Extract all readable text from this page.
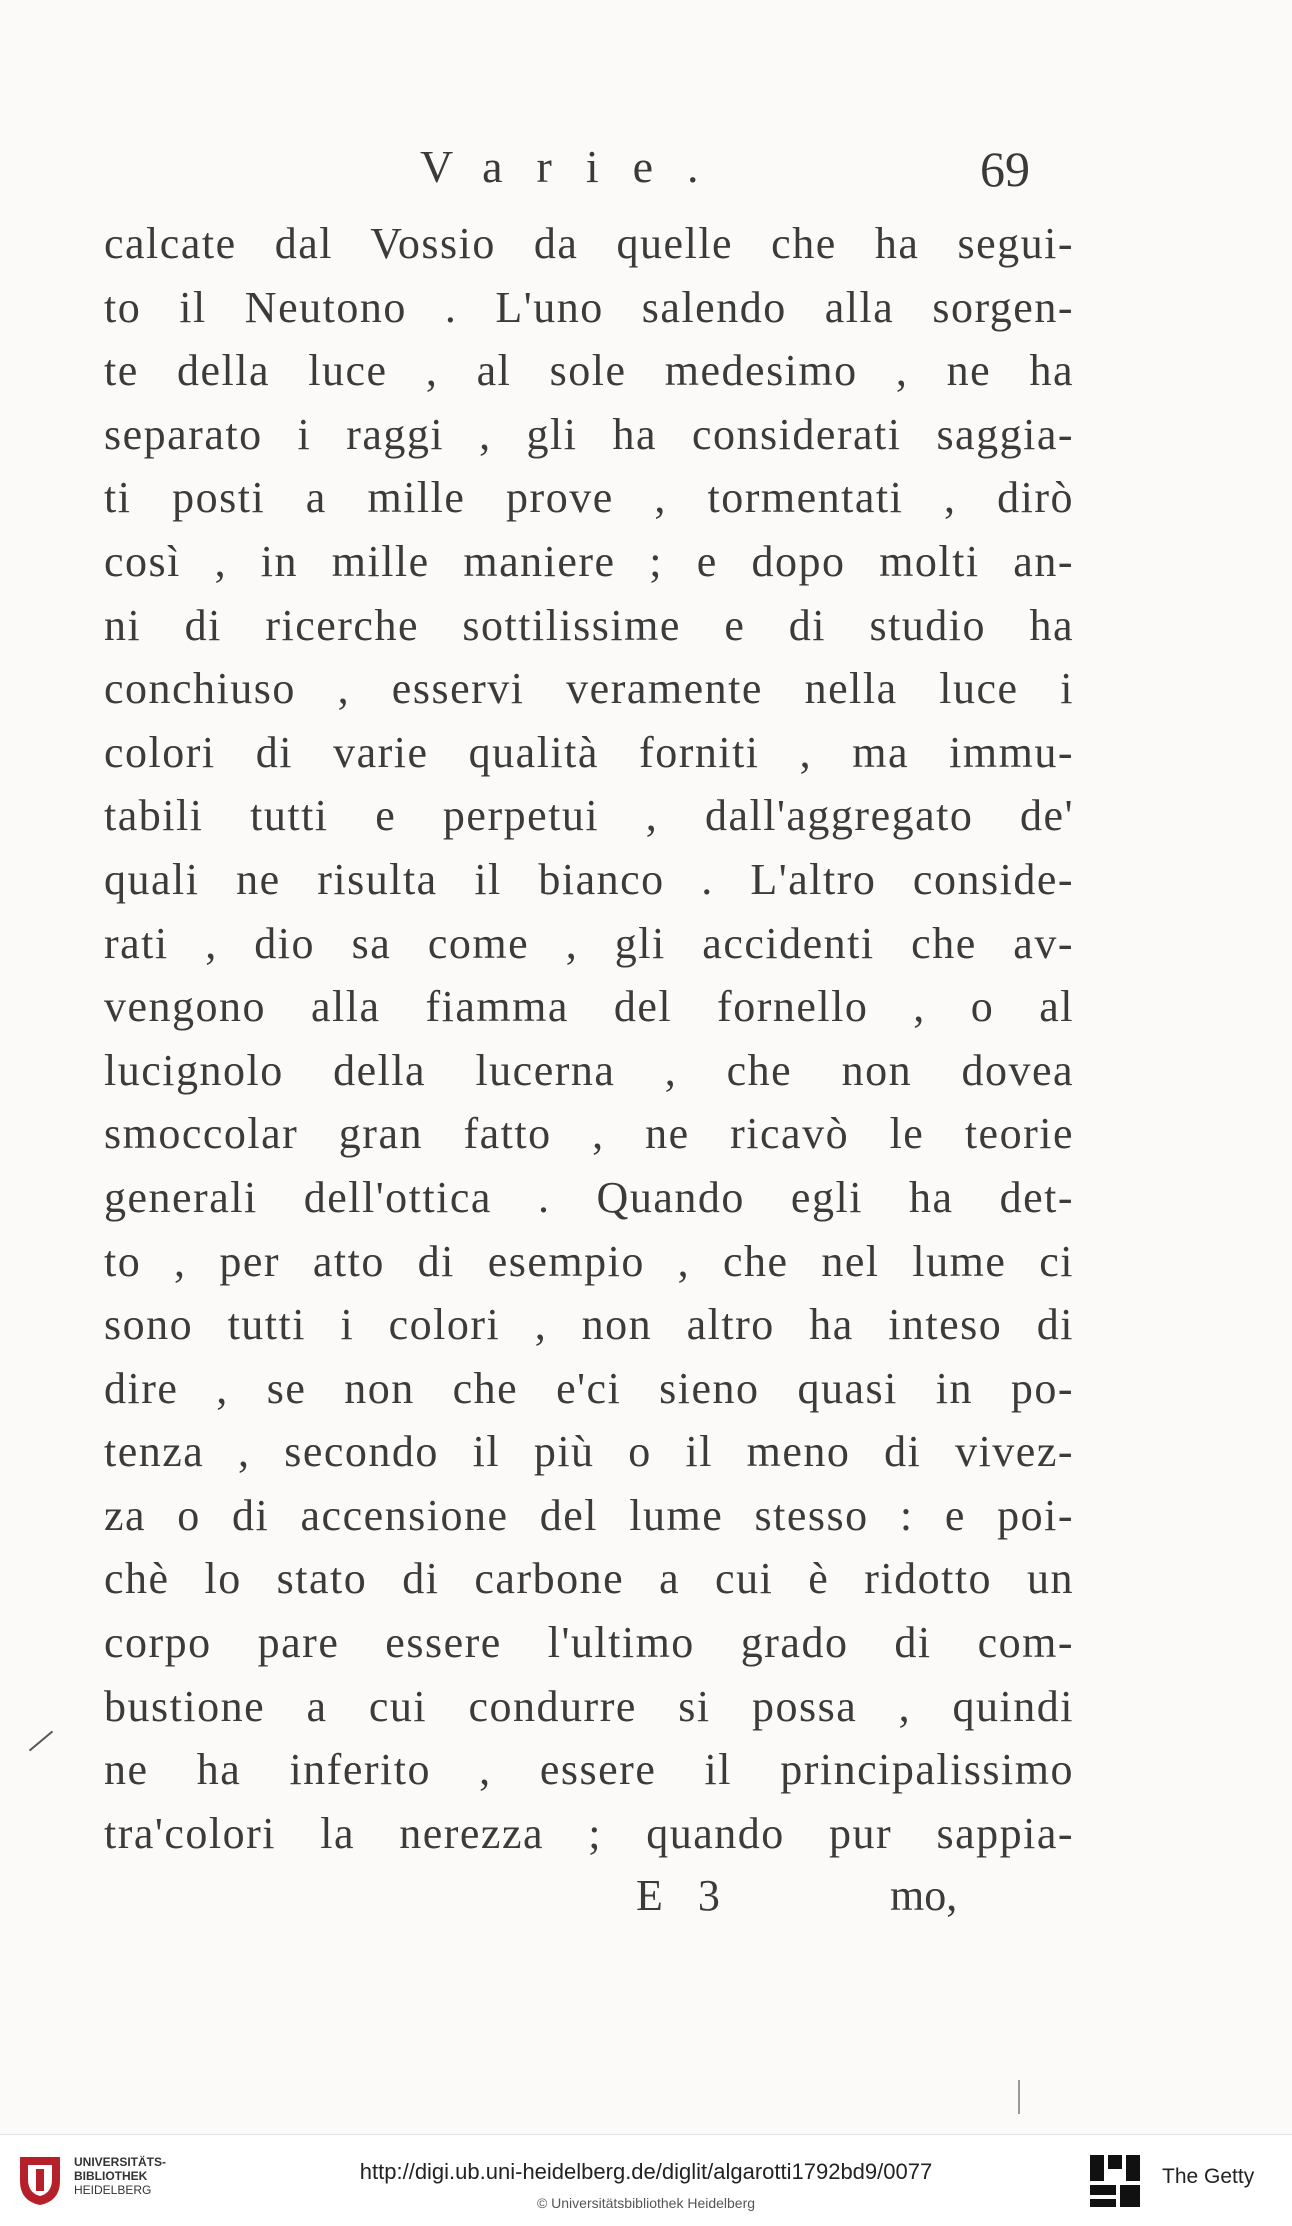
Varie.	69
calcate dal Vossio da quelle che ha segui-
to il Neutono . L'uno salendo alla sorgen-
te della luce , al sole medesimo , ne ha
separato i raggi , gli ha considerati saggia-
ti posti a mille prove , tormentati , dirò
così , in mille maniere ; e dopo molti an-
ni di ricerche sottilissime e di studio ha
conchiuso , esservi veramente nella luce i
colori di varie qualità forniti , ma immu-
tabili tutti e perpetui , dall'aggregato de'
quali ne risulta il bianco . L'altro conside-
rati , dio sa come , gli accidenti che av-
vengono alla fiamma del fornello , o al
lucignolo della lucerna , che non dovea
smoccolar gran fatto , ne ricavò le teorie
generali dell'ottica . Quando egli ha det-
to , per atto di esempio , che nel lume ci
sono tutti i colori , non altro ha inteso di
dire , se non che e'ci sieno quasi in po-
tenza , secondo il più o il meno di vivez-
za o di accensione del lume stesso : e poi-
chè lo stato di carbone a cui è ridotto un
corpo pare essere l'ultimo grado di com-
bustione a cui condurre si possa , quindi
ne ha inferito , essere il principalissimo
tra'colori la nerezza ; quando pur sappia-
E 3	mo,
UNIVERSITÄTS-
BIBLIOTHEK
HEIDELBERG
http://digi.ub.uni-heidelberg.de/diglit/algarotti1792bd9/0077
© Universitätsbibliothek Heidelberg
The Getty
